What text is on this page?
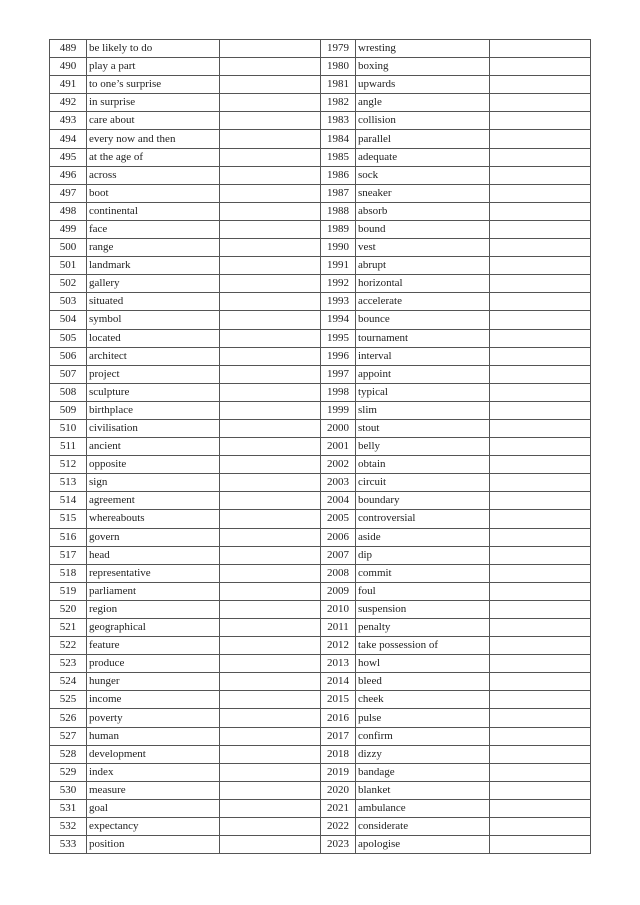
489	be likely to do		1979	wresting	
490	play a part		1980	boxing	
491	to one’s surprise		1981	upwards	
492	in surprise		1982	angle	
493	care about		1983	collision	
494	every now and then		1984	parallel	
495	at the age of		1985	adequate	
496	across		1986	sock	
497	boot		1987	sneaker	
498	continental		1988	absorb	
499	face		1989	bound	
500	range		1990	vest	
501	landmark		1991	abrupt	
502	gallery		1992	horizontal	
503	situated		1993	accelerate	
504	symbol		1994	bounce	
505	located		1995	tournament	
506	architect		1996	interval	
507	project		1997	appoint	
508	sculpture		1998	typical	
509	birthplace		1999	slim	
510	civilisation		2000	stout	
511	ancient		2001	belly	
512	opposite		2002	obtain	
513	sign		2003	circuit	
514	agreement		2004	boundary	
515	whereabouts		2005	controversial	
516	govern		2006	aside	
517	head		2007	dip	
518	representative		2008	commit	
519	parliament		2009	foul	
520	region		2010	suspension	
521	geographical		2011	penalty	
522	feature		2012	take possession of	
523	produce		2013	howl	
524	hunger		2014	bleed	
525	income		2015	cheek	
526	poverty		2016	pulse	
527	human		2017	confirm	
528	development		2018	dizzy	
529	index		2019	bandage	
530	measure		2020	blanket	
531	goal		2021	ambulance	
532	expectancy		2022	considerate	
533	position		2023	apologise	
